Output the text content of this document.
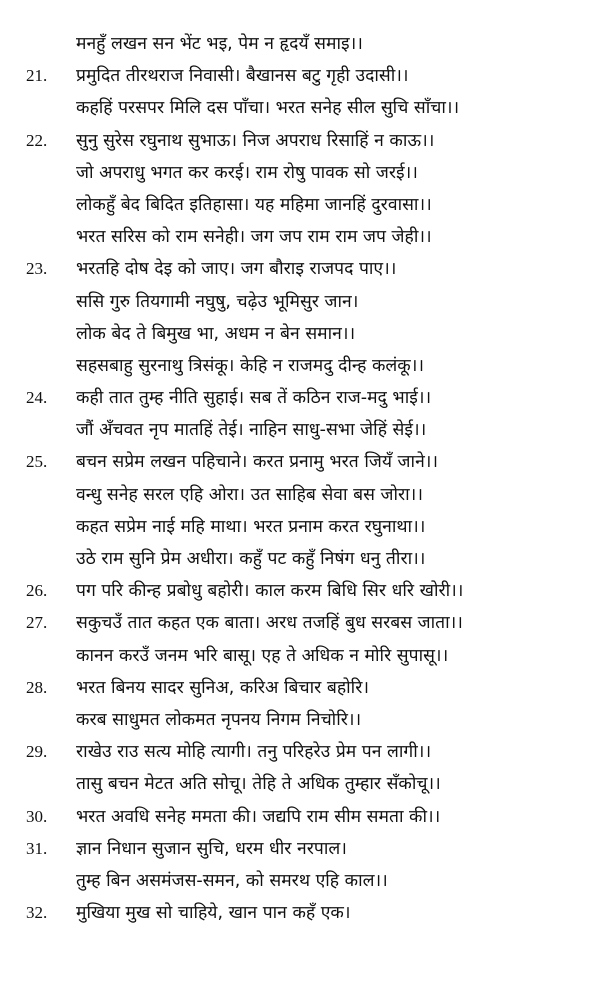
मनहुँ लखन सन भेंट भइ, पेम न हृदयँ समाइ।।
21.	प्रमुदित तीरथराज निवासी। बैखानस बटु गृही उदासी।।
कहहिं परसपर मिलि दस पाँचा। भरत सनेह सील सुचि साँचा।।
22.	सुनु सुरेस रघुनाथ सुभाऊ। निज अपराध रिसाहिं न काऊ।।
जो अपराधु भगत कर करई। राम रोषु पावक सो जरई।।
लोकहुँ बेद बिदित इतिहासा। यह महिमा जानहिं दुरवासा।।
भरत सरिस को राम सनेही। जग जप राम राम जप जेही।।
23.	भरतहि दोष देइ को जाए। जग बौराइ राजपद पाए।।
ससि गुरु तियगामी नघुषु, चढ़ेउ भूमिसुर जान।
लोक बेद ते बिमुख भा, अधम न बेन समान।।
सहसबाहु सुरनाथु त्रिसंकू। केहि न राजमदु दीन्ह कलंकू।।
24.	कही तात तुम्ह नीति सुहाई। सब तें कठिन राज-मदु भाई।।
जौं अँचवत नृप मातहिं तेई। नाहिन साधु-सभा जेहिं सेई।।
25.	बचन सप्रेम लखन पहिचाने। करत प्रनामु भरत जियँ जाने।।
वन्धु सनेह सरल एहि ओरा। उत साहिब सेवा बस जोरा।।
कहत सप्रेम नाई महि माथा। भरत प्रनाम करत रघुनाथा।।
उठे राम सुनि प्रेम अधीरा। कहुँ पट कहुँ निषंग धनु तीरा।।
26.	पग परि कीन्ह प्रबोधु बहोरी। काल करम बिधि सिर धरि खोरी।।
27.	सकुचउँ तात कहत एक बाता। अरध तजहिं बुध सरबस जाता।।
कानन करउँ जनम भरि बासू। एह ते अधिक न मोरि सुपासू।।
28.	भरत बिनय सादर सुनिअ, करिअ बिचार बहोरि।
करब साधुमत लोकमत नृपनय निगम निचोरि।।
29.	राखेउ राउ सत्य मोहि त्यागी। तनु परिहरेउ प्रेम पन लागी।।
तासु बचन मेटत अति सोचू। तेहि ते अधिक तुम्हार सँकोचू।।
30.	भरत अवधि सनेह ममता की। जद्यपि राम सीम समता की।।
31.	ज्ञान निधान सुजान सुचि, धरम धीर नरपाल।
तुम्ह बिन असमंजस-समन, को समरथ एहि काल।।
32.	मुखिया मुख सो चाहिये, खान पान कहँ एक।
